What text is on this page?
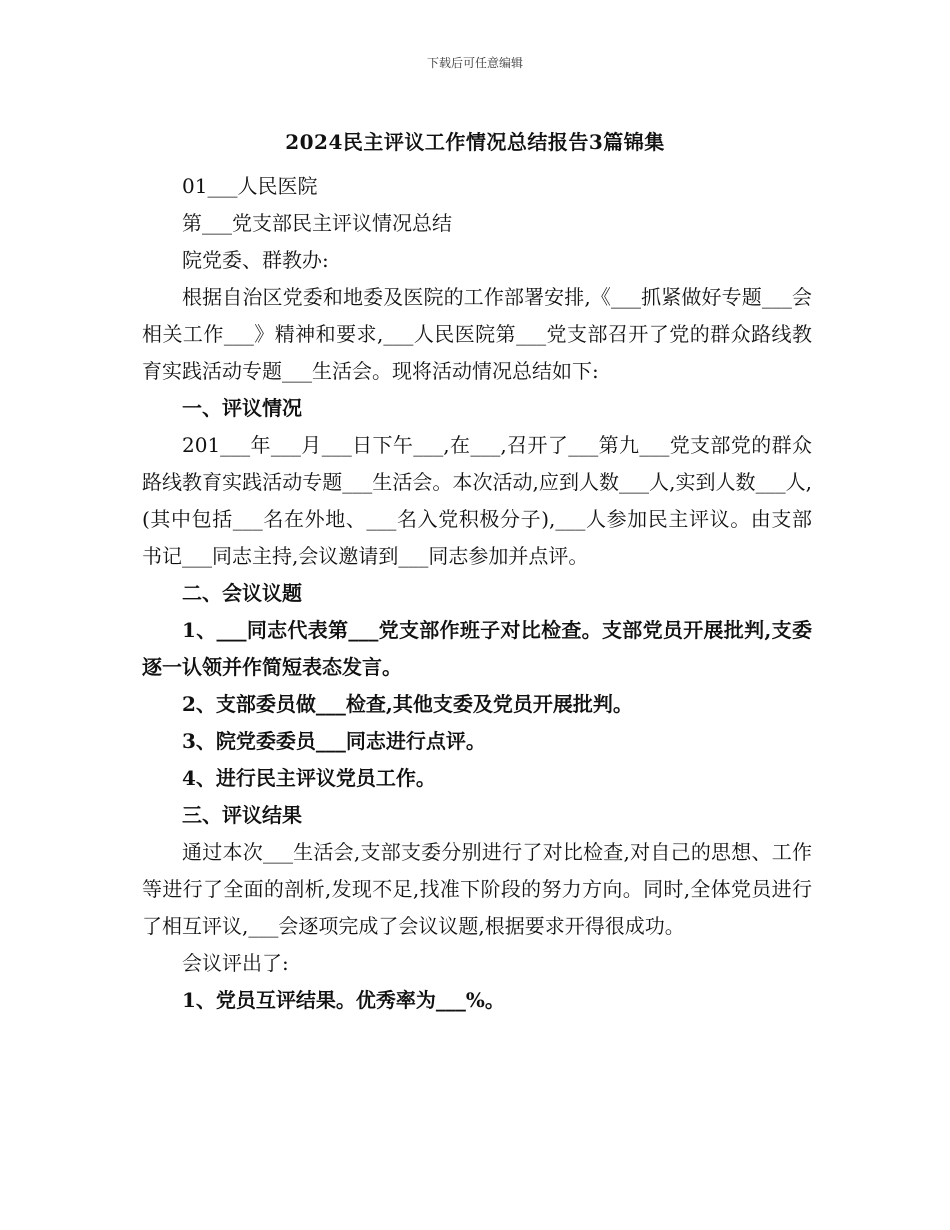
下载后可任意编辑
2024民主评议工作情况总结报告3篇锦集

01___人民医院

第___党支部民主评议情况总结

院党委、群教办:

根据自治区党委和地委及医院的工作部署安排,《___抓紧做好专题___会相关工作___》精神和要求,___人民医院第___党支部召开了党的群众路线教育实践活动专题___生活会。现将活动情况总结如下:

一、评议情况

201___年___月___日下午___,在___,召开了___第九___党支部党的群众路线教育实践活动专题___生活会。本次活动,应到人数___人,实到人数___人,(其中包括___名在外地、___名入党积极分子),___人参加民主评议。由支部书记___同志主持,会议邀请到___同志参加并点评。

二、会议议题

1、___同志代表第___党支部作班子对比检查。支部党员开展批判,支委逐一认领并作简短表态发言。

2、支部委员做___检查,其他支委及党员开展批判。

3、院党委委员___同志进行点评。

4、进行民主评议党员工作。

三、评议结果

通过本次___生活会,支部支委分别进行了对比检查,对自己的思想、工作等进行了全面的剖析,发现不足,找准下阶段的努力方向。同时,全体党员进行了相互评议,___会逐项完成了会议议题,根据要求开得很成功。

会议评出了:

1、党员互评结果。优秀率为___%。
